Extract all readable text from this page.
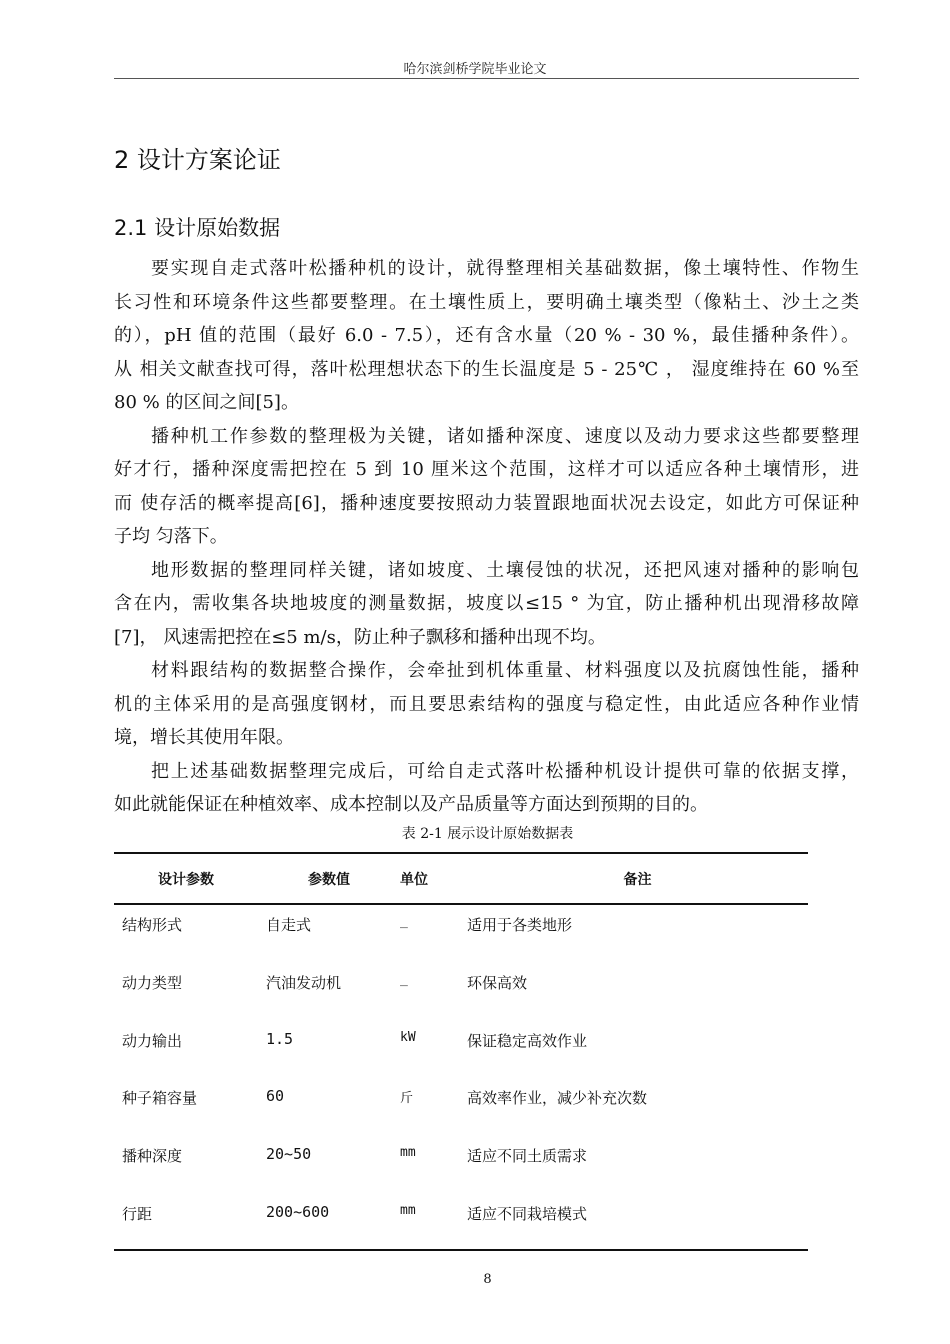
哈尔滨剑桥学院毕业论文
2 设计方案论证
2.1 设计原始数据
要实现自走式落叶松播种机的设计，就得整理相关基础数据，像土壤特性、作物生
长习性和环境条件这些都要整理。在土壤性质上，要明确土壤类型（像粘土、沙土之类
的），pH 值的范围（最好 6.0 - 7.5），还有含水量（20 % - 30 %，最佳播种条件）。
从 相关文献查找可得，落叶松理想状态下的生长温度是 5 - 25℃ ， 湿度维持在 60 %至
80 % 的区间之间[5]。
播种机工作参数的整理极为关键，诸如播种深度、速度以及动力要求这些都要整理
好才行，播种深度需把控在 5 到 10 厘米这个范围，这样才可以适应各种土壤情形，进
而 使存活的概率提高[6]，播种速度要按照动力装置跟地面状况去设定，如此方可保证种
子均 匀落下。
地形数据的整理同样关键，诸如坡度、土壤侵蚀的状况，还把风速对播种的影响包
含在内，需收集各块地坡度的测量数据，坡度以≤15 ° 为宜，防止播种机出现滑移故障
[7]， 风速需把控在≤5 m/s，防止种子飘移和播种出现不均。
材料跟结构的数据整合操作，会牵扯到机体重量、材料强度以及抗腐蚀性能，播种
机的主体采用的是高强度钢材，而且要思索结构的强度与稳定性，由此适应各种作业情
境，增长其使用年限。
把上述基础数据整理完成后，可给自走式落叶松播种机设计提供可靠的依据支撑，
如此就能保证在种植效率、成本控制以及产品质量等方面达到预期的目的。
表 2-1 展示设计原始数据表
设计参数	参数值	单位	备注
结构形式	自走式	_	适用于各类地形
动力类型	汽油发动机	_	环保高效
动力输出	1.5	kW	保证稳定高效作业
种子箱容量	60	斤	高效率作业，减少补充次数
播种深度	20~50	mm	适应不同土质需求
行距	200~600	mm	适应不同栽培模式
8
